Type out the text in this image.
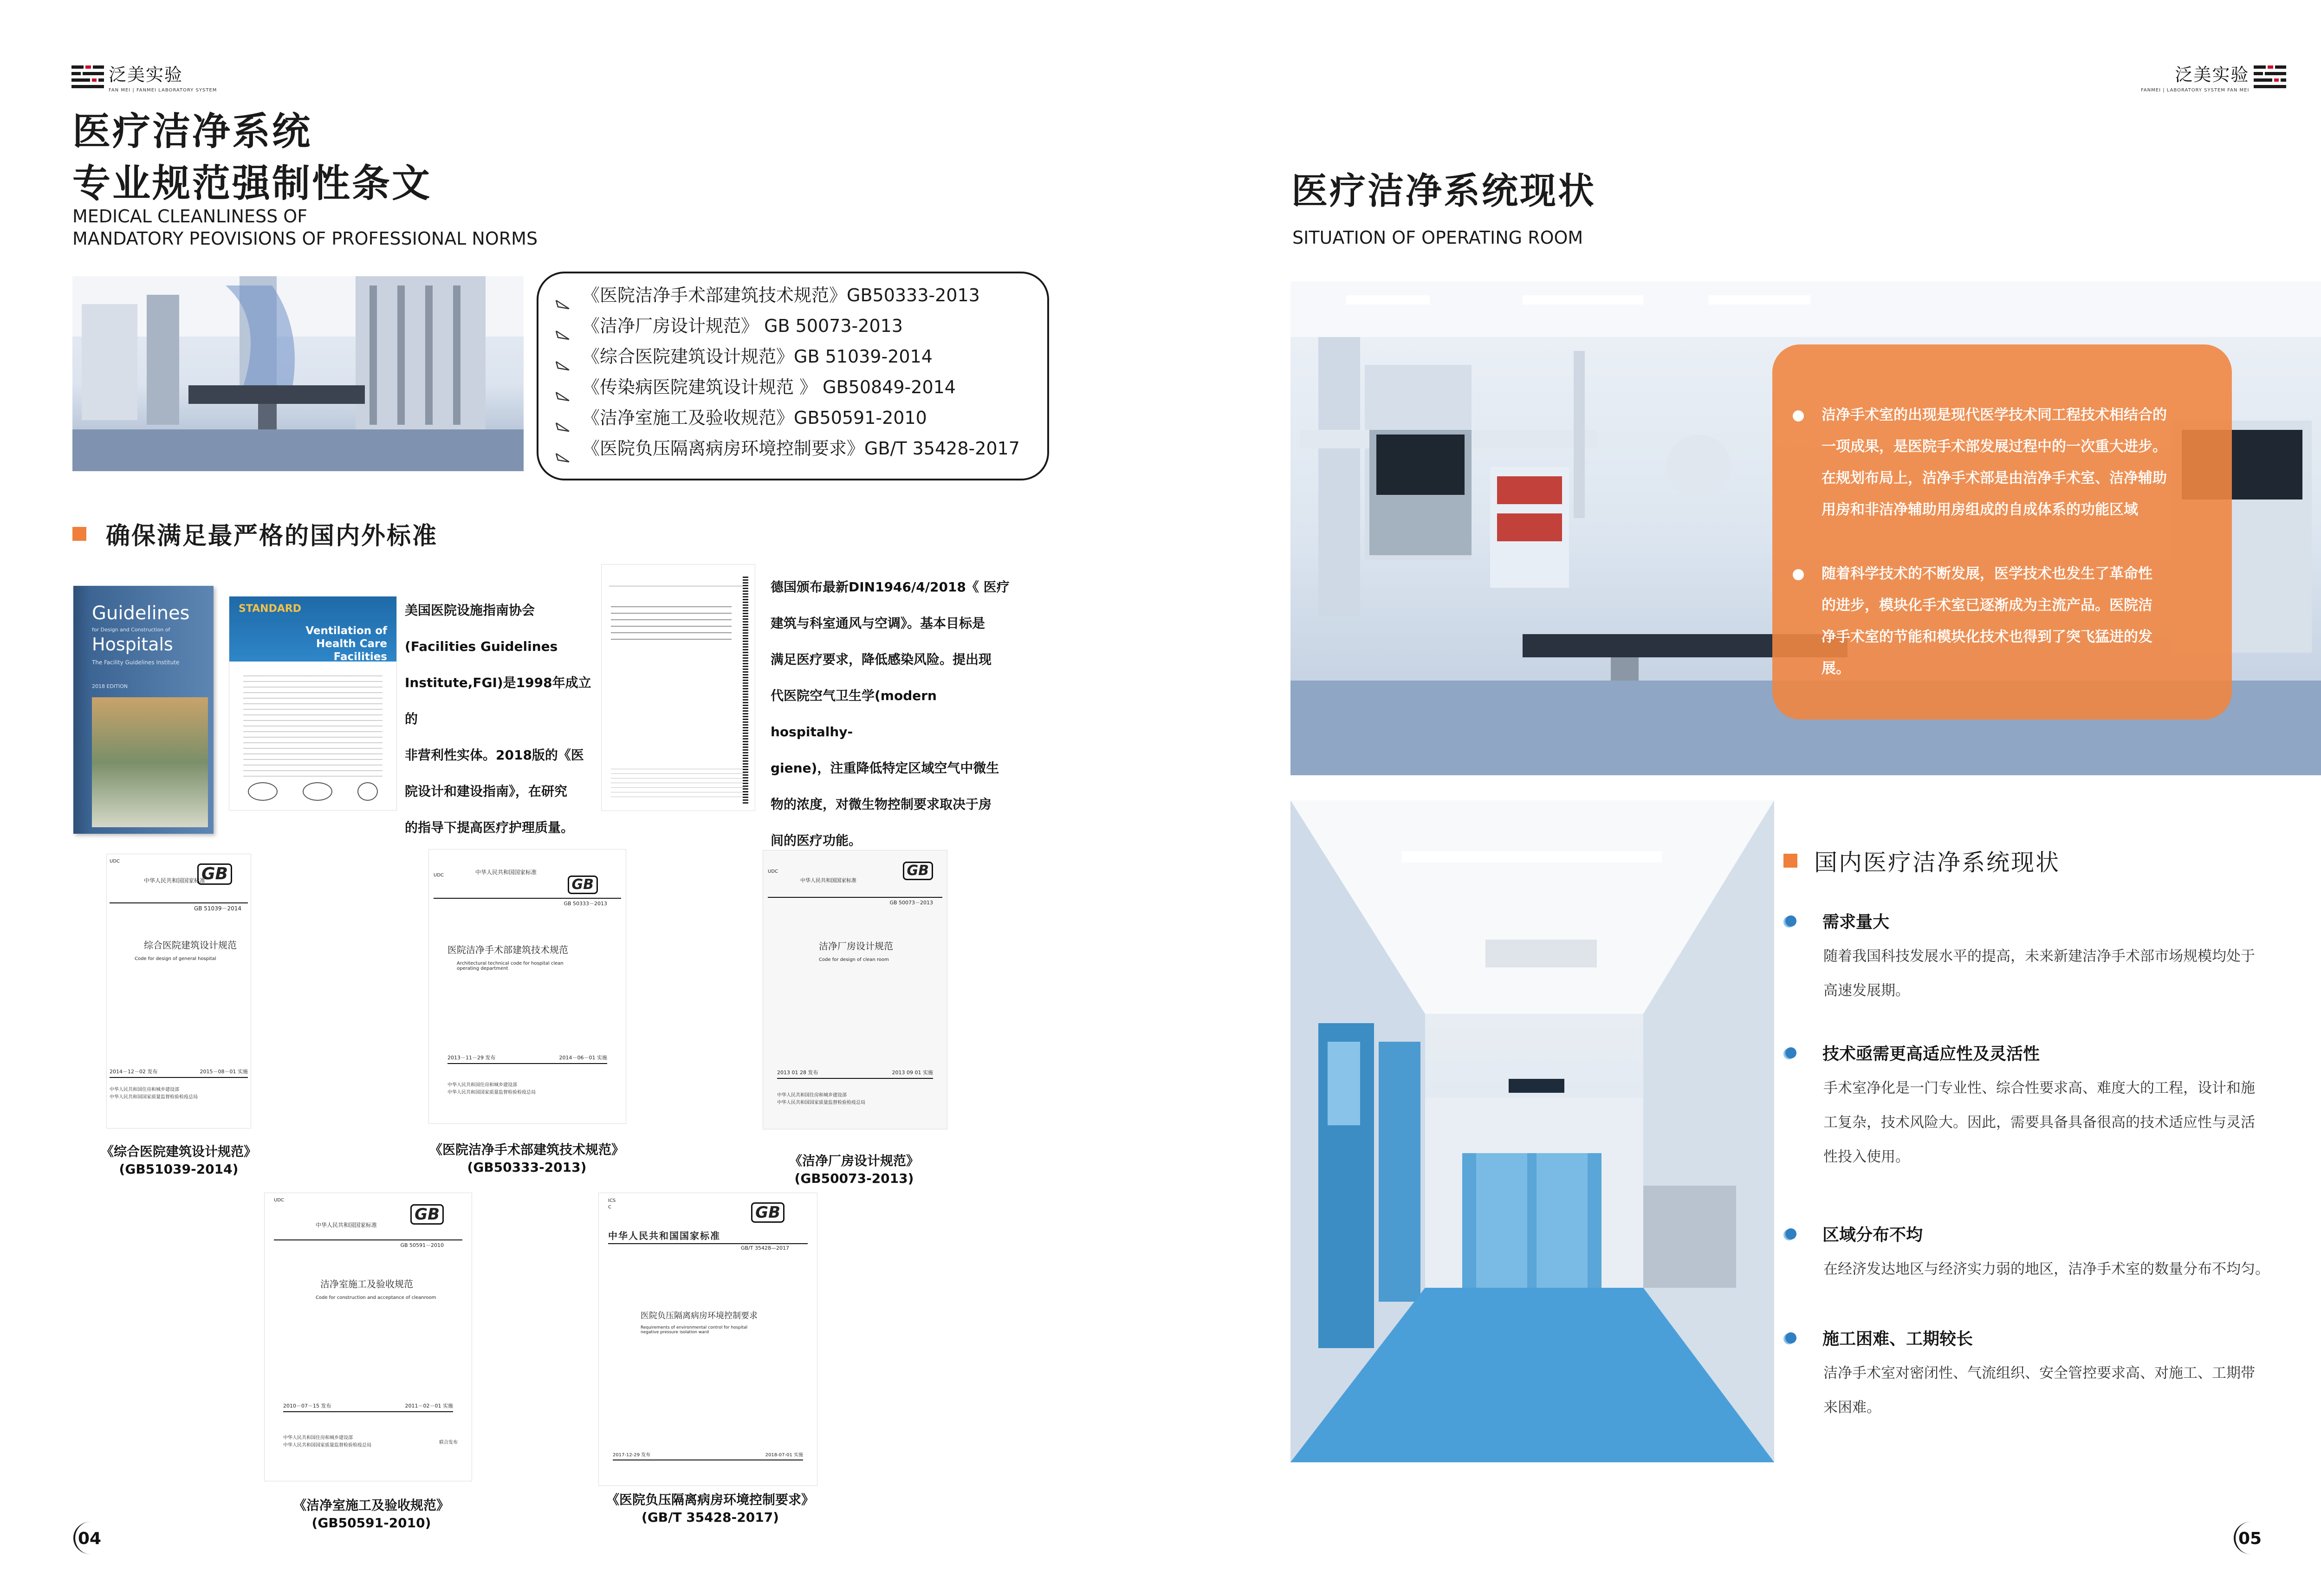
泛美实验
FAN MEI | FANMEI LABORATORY SYSTEM
医疗洁净系统
专业规范强制性条文
MEDICAL CLEANLINESS OF
MANDATORY PEOVISIONS OF PROFESSIONAL NORMS
《医院洁净手术部建筑技术规范》GB50333-2013
《洁净厂房设计规范》 GB 50073-2013
《综合医院建筑设计规范》GB 51039-2014
《传染病医院建筑设计规范 》 GB50849-2014
《洁净室施工及验收规范》GB50591-2010
《医院负压隔离病房环境控制要求》GB/T 35428-2017
确保满足最严格的国内外标准
Guidelines
for Design and Construction of
Hospitals
The Facility Guidelines Institute
2018 EDITION
STANDARD
Ventilation of Health Care Facilities
美国医院设施指南协会
(Facilities Guidelines
Institute,FGI)是1998年成立的
非营利性实体。2018版的《医
院设计和建设指南》，在研究
的指导下提高医疗护理质量。
德国颁布最新DIN1946/4/2018《 医疗
建筑与科室通风与空调》。基本目标是
满足医疗要求，降低感染风险。提出现
代医院空气卫生学(modern hospitalhy-
giene)，注重降低特定区域空气中微生
物的浓度，对微生物控制要求取决于房
间的医疗功能。
UDC
中华人民共和国国家标准
GB
GB 51039－2014
综合医院建筑设计规范
Code for design of general hospital
2014－12－02 发布	2015－08－01 实施
中华人民共和国住房和城乡建设部
中华人民共和国国家质量监督检验检疫总局
《综合医院建筑设计规范》
(GB51039-2014)
UDC	中华人民共和国国家标准
GB
GB 50333－2013
医院洁净手术部建筑技术规范
Architectural technical code for hospital clean operating department
2013－11－29 发布	2014－06－01 实施
中华人民共和国住房和城乡建设部
中华人民共和国国家质量监督检验检疫总局
《医院洁净手术部建筑技术规范》
(GB50333-2013)
UDC
中华人民共和国国家标准
GB
GB 50073－2013
洁净厂房设计规范
Code for design of clean room
2013 01 28 发布	2013 09 01 实施
中华人民共和国住房和城乡建设部
中华人民共和国国家质量监督检验检疫总局
《洁净厂房设计规范》
(GB50073-2013)
UDC
中华人民共和国国家标准
GB
GB 50591－2010
洁净室施工及验收规范
Code for construction and acceptance of cleanroom
2010－07－15 发布	2011－02－01 实施
中华人民共和国住房和城乡建设部
中华人民共和国国家质量监督检验检疫总局
联合发布
《洁净室施工及验收规范》
(GB50591-2010)
ICS
C	GB
中华人民共和国国家标准
GB/T 35428—2017
医院负压隔离病房环境控制要求
Requirements of environmental control for hospital negative pressure isolation ward
2017-12-29 发布	2018-07-01 实施
《医院负压隔离病房环境控制要求》
(GB/T 35428-2017)
04
泛美实验
FANMEI | LABORATORY SYSTEM FAN MEI
医疗洁净系统现状
SITUATION OF OPERATING ROOM
洁净手术室的出现是现代医学技术同工程技术相结合的
一项成果，是医院手术部发展过程中的一次重大进步。
在规划布局上，洁净手术部是由洁净手术室、洁净辅助
用房和非洁净辅助用房组成的自成体系的功能区域
随着科学技术的不断发展，医学技术也发生了革命性
的进步，模块化手术室已逐渐成为主流产品。医院洁
净手术室的节能和模块化技术也得到了突飞猛进的发
展。
国内医疗洁净系统现状
需求量大
随着我国科技发展水平的提高，未来新建洁净手术部市场规模均处于
高速发展期。
技术亟需更高适应性及灵活性
手术室净化是一门专业性、综合性要求高、难度大的工程，设计和施
工复杂，技术风险大。因此，需要具备具备很高的技术适应性与灵活
性投入使用。
区域分布不均
在经济发达地区与经济实力弱的地区，洁净手术室的数量分布不均匀。
施工困难、工期较长
洁净手术室对密闭性、气流组织、安全管控要求高、对施工、工期带
来困难。
05
